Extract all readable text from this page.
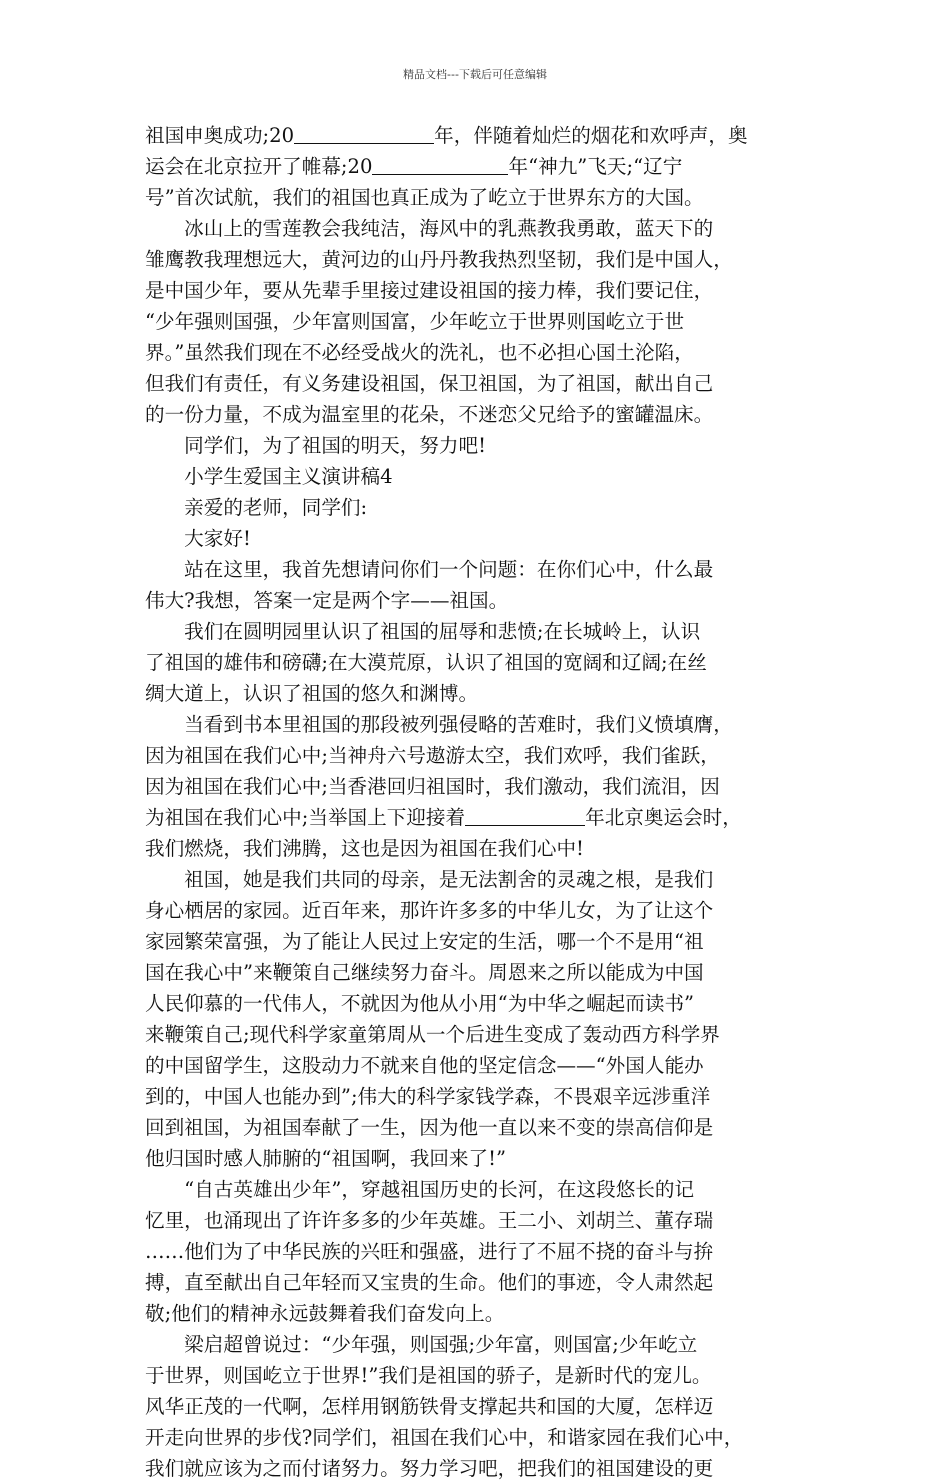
精品文档---下载后可任意编辑
祖国申奥成功;20	年，伴随着灿烂的烟花和欢呼声，奥
运会在北京拉开了帷幕;20	年“神九”飞天;“辽宁
号”首次试航，我们的祖国也真正成为了屹立于世界东方的大国。
　　冰山上的雪莲教会我纯洁，海风中的乳燕教我勇敢，蓝天下的
雏鹰教我理想远大，黄河边的山丹丹教我热烈坚韧，我们是中国人，
是中国少年，要从先辈手里接过建设祖国的接力棒，我们要记住，
“少年强则国强，少年富则国富，少年屹立于世界则国屹立于世
界。”虽然我们现在不必经受战火的洗礼，也不必担心国土沦陷，
但我们有责任，有义务建设祖国，保卫祖国，为了祖国，献出自己
的一份力量，不成为温室里的花朵，不迷恋父兄给予的蜜罐温床。
　　同学们，为了祖国的明天，努力吧!
　　小学生爱国主义演讲稿4
　　亲爱的老师，同学们:
　　大家好!
　　站在这里，我首先想请问你们一个问题：在你们心中，什么最
伟大?我想，答案一定是两个字——祖国。
　　我们在圆明园里认识了祖国的屈辱和悲愤;在长城岭上，认识
了祖国的雄伟和磅礴;在大漠荒原，认识了祖国的宽阔和辽阔;在丝
绸大道上，认识了祖国的悠久和渊博。
　　当看到书本里祖国的那段被列强侵略的苦难时，我们义愤填膺，
因为祖国在我们心中;当神舟六号遨游太空，我们欢呼，我们雀跃，
因为祖国在我们心中;当香港回归祖国时，我们激动，我们流泪，因
为祖国在我们心中;当举国上下迎接着	年北京奥运会时，
我们燃烧，我们沸腾，这也是因为祖国在我们心中!
　　祖国，她是我们共同的母亲，是无法割舍的灵魂之根，是我们
身心栖居的家园。近百年来，那许许多多的中华儿女，为了让这个
家园繁荣富强，为了能让人民过上安定的生活，哪一个不是用“祖
国在我心中”来鞭策自己继续努力奋斗。周恩来之所以能成为中国
人民仰慕的一代伟人，不就因为他从小用“为中华之崛起而读书”
来鞭策自己;现代科学家童第周从一个后进生变成了轰动西方科学界
的中国留学生，这股动力不就来自他的坚定信念——“外国人能办
到的，中国人也能办到”;伟大的科学家钱学森，不畏艰辛远涉重洋
回到祖国，为祖国奉献了一生，因为他一直以来不变的崇高信仰是
他归国时感人肺腑的“祖国啊，我回来了!”
　　“自古英雄出少年”，穿越祖国历史的长河，在这段悠长的记
忆里，也涌现出了许许多多的少年英雄。王二小、刘胡兰、董存瑞
……他们为了中华民族的兴旺和强盛，进行了不屈不挠的奋斗与拚
搏，直至献出自己年轻而又宝贵的生命。他们的事迹，令人肃然起
敬;他们的精神永远鼓舞着我们奋发向上。
　　梁启超曾说过：“少年强，则国强;少年富，则国富;少年屹立
于世界，则国屹立于世界!”我们是祖国的骄子，是新时代的宠儿。
风华正茂的一代啊，怎样用钢筋铁骨支撑起共和国的大厦，怎样迈
开走向世界的步伐?同学们，祖国在我们心中，和谐家园在我们心中，
我们就应该为之而付诸努力。努力学习吧，把我们的祖国建设的更
